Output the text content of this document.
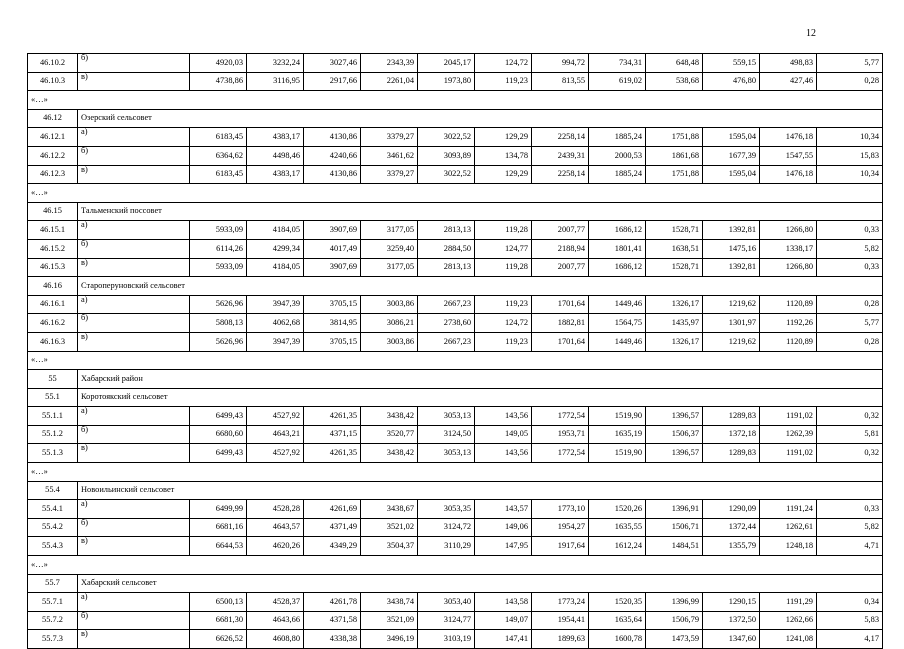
12
46.10.2	б)	4920,03	3232,24	3027,46	2343,39	2045,17	124,72	994,72	734,31	648,48	559,15	498,83	5,77
46.10.3	в)	4738,86	3116,95	2917,66	2261,04	1973,80	119,23	813,55	619,02	538,68	476,80	427,46	0,28
«…»													
46.12	Озерский сельсовет												
46.12.1	а)	6183,45	4383,17	4130,86	3379,27	3022,52	129,29	2258,14	1885,24	1751,88	1595,04	1476,18	10,34
46.12.2	б)	6364,62	4498,46	4240,66	3461,62	3093,89	134,78	2439,31	2000,53	1861,68	1677,39	1547,55	15,83
46.12.3	в)	6183,45	4383,17	4130,86	3379,27	3022,52	129,29	2258,14	1885,24	1751,88	1595,04	1476,18	10,34
«…»													
46.15	Тальменский поссовет												
46.15.1	а)	5933,09	4184,05	3907,69	3177,05	2813,13	119,28	2007,77	1686,12	1528,71	1392,81	1266,80	0,33
46.15.2	б)	6114,26	4299,34	4017,49	3259,40	2884,50	124,77	2188,94	1801,41	1638,51	1475,16	1338,17	5,82
46.15.3	в)	5933,09	4184,05	3907,69	3177,05	2813,13	119,28	2007,77	1686,12	1528,71	1392,81	1266,80	0,33
46.16	Староперуновский сельсовет												
46.16.1	а)	5626,96	3947,39	3705,15	3003,86	2667,23	119,23	1701,64	1449,46	1326,17	1219,62	1120,89	0,28
46.16.2	б)	5808,13	4062,68	3814,95	3086,21	2738,60	124,72	1882,81	1564,75	1435,97	1301,97	1192,26	5,77
46.16.3	в)	5626,96	3947,39	3705,15	3003,86	2667,23	119,23	1701,64	1449,46	1326,17	1219,62	1120,89	0,28
«…»													
55	Хабарский район												
55.1	Коротоякский сельсовет												
55.1.1	а)	6499,43	4527,92	4261,35	3438,42	3053,13	143,56	1772,54	1519,90	1396,57	1289,83	1191,02	0,32
55.1.2	б)	6680,60	4643,21	4371,15	3520,77	3124,50	149,05	1953,71	1635,19	1506,37	1372,18	1262,39	5,81
55.1.3	в)	6499,43	4527,92	4261,35	3438,42	3053,13	143,56	1772,54	1519,90	1396,57	1289,83	1191,02	0,32
«…»													
55.4	Новоильинский сельсовет												
55.4.1	а)	6499,99	4528,28	4261,69	3438,67	3053,35	143,57	1773,10	1520,26	1396,91	1290,09	1191,24	0,33
55.4.2	б)	6681,16	4643,57	4371,49	3521,02	3124,72	149,06	1954,27	1635,55	1506,71	1372,44	1262,61	5,82
55.4.3	в)	6644,53	4620,26	4349,29	3504,37	3110,29	147,95	1917,64	1612,24	1484,51	1355,79	1248,18	4,71
«…»													
55.7	Хабарский сельсовет												
55.7.1	а)	6500,13	4528,37	4261,78	3438,74	3053,40	143,58	1773,24	1520,35	1396,99	1290,15	1191,29	0,34
55.7.2	б)	6681,30	4643,66	4371,58	3521,09	3124,77	149,07	1954,41	1635,64	1506,79	1372,50	1262,66	5,83
55.7.3	в)	6626,52	4608,80	4338,38	3496,19	3103,19	147,41	1899,63	1600,78	1473,59	1347,60	1241,08	4,17
